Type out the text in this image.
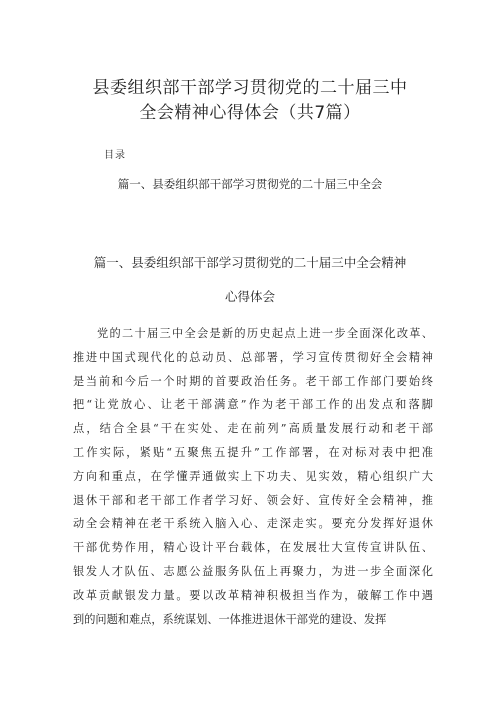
县委组织部干部学习贯彻党的二十届三中
全会精神心得体会（共7篇）
目录
篇一、县委组织部干部学习贯彻党的二十届三中全会
篇一、县委组织部干部学习贯彻党的二十届三中全会精神
心得体会
党的二十届三中全会是新的历史起点上进一步全面深化改革、
推进中国式现代化的总动员、总部署，学习宣传贯彻好全会精神
是当前和今后一个时期的首要政治任务。老干部工作部门要始终
把“让党放心、让老干部满意”作为老干部工作的出发点和落脚
点，结合全县“干在实处、走在前列”高质量发展行动和老干部
工作实际，紧贴“五聚焦五提升”工作部署，在对标对表中把准
方向和重点，在学懂弄通做实上下功夫、见实效，精心组织广大
退休干部和老干部工作者学习好、领会好、宣传好全会精神，推
动全会精神在老干系统入脑入心、走深走实。要充分发挥好退休
干部优势作用，精心设计平台载体，在发展壮大宣传宣讲队伍、
银发人才队伍、志愿公益服务队伍上再聚力，为进一步全面深化
改革贡献银发力量。要以改革精神积极担当作为，破解工作中遇
到的问题和难点，系统谋划、一体推进退休干部党的建设、发挥
